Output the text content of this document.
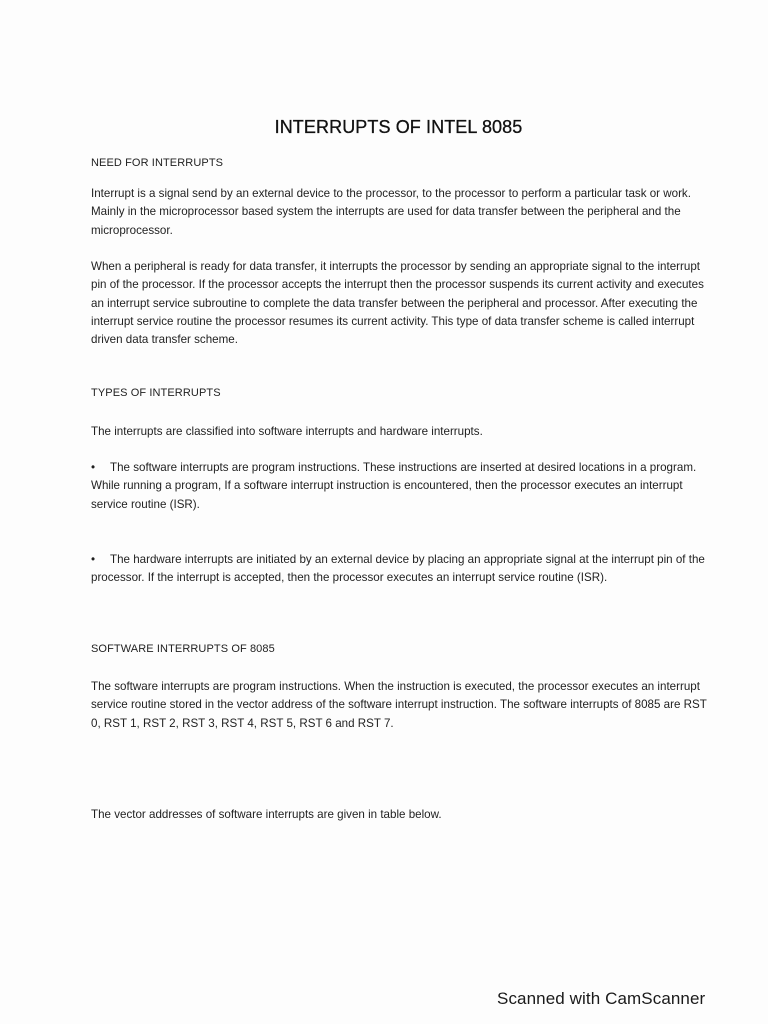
INTERRUPTS OF INTEL 8085
NEED FOR INTERRUPTS

Interrupt is a signal send by an external device to the processor, to the processor to perform a particular task or work. Mainly in the microprocessor based system the interrupts are used for data transfer between the peripheral and the microprocessor.

When a peripheral is ready for data transfer, it interrupts the processor by sending an appropriate signal to the interrupt pin of the processor. If the processor accepts the interrupt then the processor suspends its current activity and executes an interrupt service subroutine to complete the data transfer between the peripheral and processor. After executing the interrupt service routine the processor resumes its current activity. This type of data transfer scheme is called interrupt driven data transfer scheme.

TYPES OF INTERRUPTS

The interrupts are classified into software interrupts and hardware interrupts.

• The software interrupts are program instructions. These instructions are inserted at desired locations in a program. While running a program, If a software interrupt instruction is encountered, then the processor executes an interrupt service routine (ISR).

• The hardware interrupts are initiated by an external device by placing an appropriate signal at the interrupt pin of the processor. If the interrupt is accepted, then the processor executes an interrupt service routine (ISR).

SOFTWARE INTERRUPTS OF 8085

The software interrupts are program instructions. When the instruction is executed, the processor executes an interrupt service routine stored in the vector address of the software interrupt instruction. The software interrupts of 8085 are RST 0, RST 1, RST 2, RST 3, RST 4, RST 5, RST 6 and RST 7.

The vector addresses of software interrupts are given in table below.

Scanned with CamScanner
